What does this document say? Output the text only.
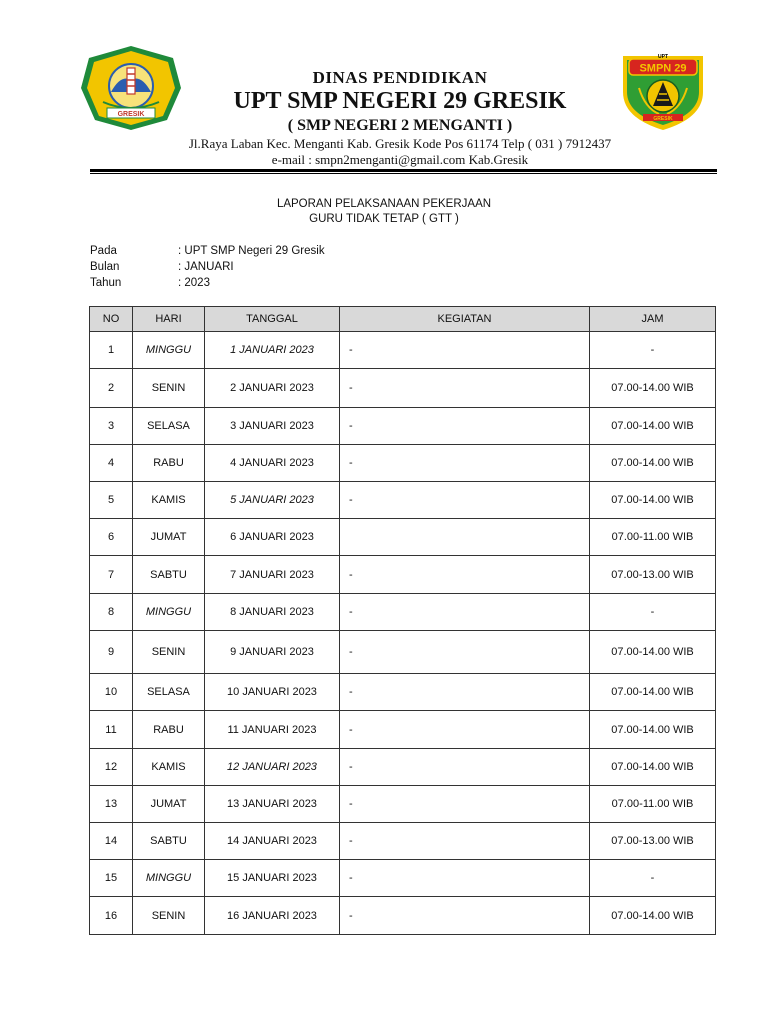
GRESIK
UPT
SMPN 29
GRESIK
DINAS PENDIDIKAN
UPT SMP NEGERI 29 GRESIK
( SMP NEGERI 2 MENGANTI )
Jl.Raya Laban Kec. Menganti Kab. Gresik Kode Pos 61174 Telp ( 031 ) 7912437
e-mail : smpn2menganti@gmail.com Kab.Gresik
LAPORAN PELAKSANAAN PEKERJAAN
GURU TIDAK TETAP ( GTT )
Pada	: UPT SMP Negeri 29 Gresik
Bulan	: JANUARI
Tahun	: 2023
NO	HARI	TANGGAL	KEGIATAN	JAM
1	MINGGU	1 JANUARI 2023	-	-
2	SENIN	2 JANUARI 2023	-	07.00-14.00 WIB
3	SELASA	3 JANUARI 2023	-	07.00-14.00 WIB
4	RABU	4 JANUARI 2023	-	07.00-14.00 WIB
5	KAMIS	5 JANUARI 2023	-	07.00-14.00 WIB
6	JUMAT	6 JANUARI 2023		07.00-11.00 WIB
7	SABTU	7 JANUARI 2023	-	07.00-13.00 WIB
8	MINGGU	8 JANUARI 2023	-	-
9	SENIN	9 JANUARI 2023	-	07.00-14.00 WIB
10	SELASA	10 JANUARI 2023	-	07.00-14.00 WIB
11	RABU	11 JANUARI 2023	-	07.00-14.00 WIB
12	KAMIS	12 JANUARI 2023	-	07.00-14.00 WIB
13	JUMAT	13 JANUARI 2023	-	07.00-11.00 WIB
14	SABTU	14 JANUARI 2023	-	07.00-13.00 WIB
15	MINGGU	15 JANUARI 2023	-	-
16	SENIN	16 JANUARI 2023	-	07.00-14.00 WIB
